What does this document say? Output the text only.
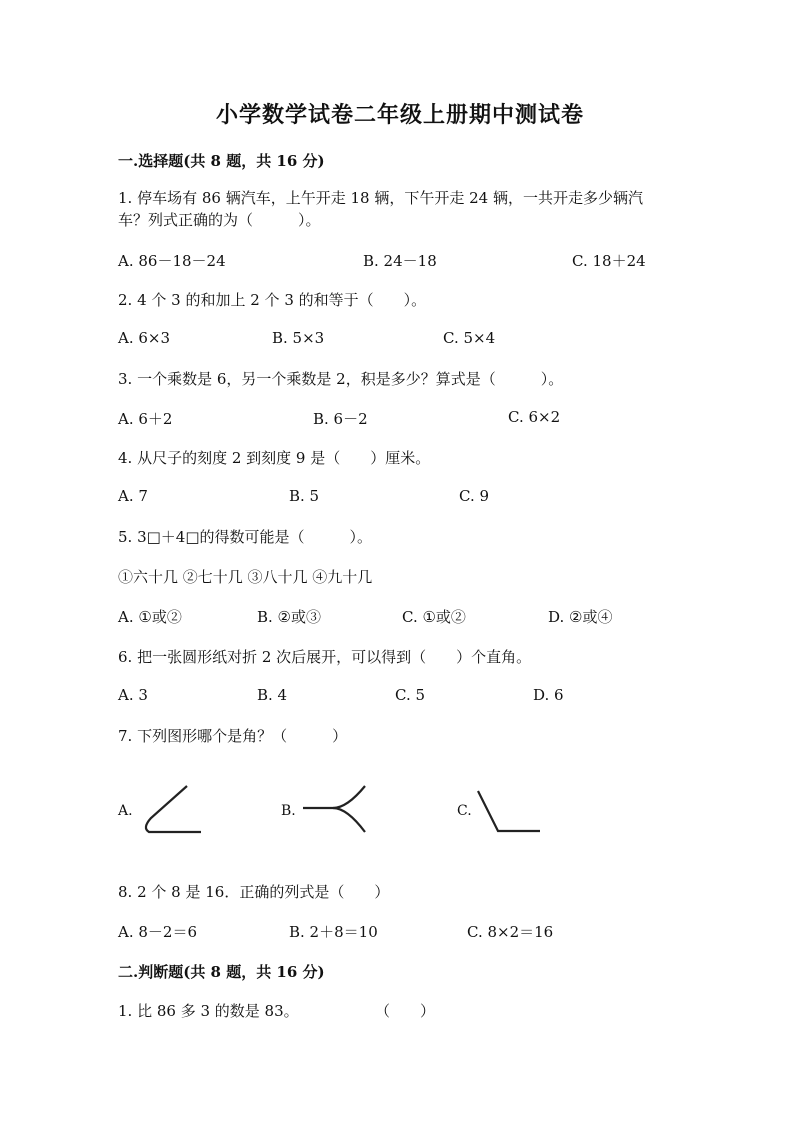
小学数学试卷二年级上册期中测试卷
一.选择题(共 8 题，共 16 分)
1. 停车场有 86 辆汽车，上午开走 18 辆，下午开走 24 辆，一共开走多少辆汽
车？列式正确的为（　　　）。
A. 86－18－24	B. 24－18	C. 18＋24
2. 4 个 3 的和加上 2 个 3 的和等于（　　）。
A. 6×3	B. 5×3	C. 5×4
3. 一个乘数是 6，另一个乘数是 2，积是多少？算式是（　　　）。
A. 6＋2	B. 6－2	C. 6×2
4. 从尺子的刻度 2 到刻度 9 是（　　）厘米。
A. 7	B. 5	C. 9
5. 3□＋4□的得数可能是（　　　）。
①六十几 ②七十几 ③八十几 ④九十几
A. ①或②	B. ②或③	C. ①或②	D. ②或④
6. 把一张圆形纸对折 2 次后展开，可以得到（　　）个直角。
A. 3	B. 4	C. 5	D. 6
7. 下列图形哪个是角？（　　　）
A.	B.	C.
8. 2 个 8 是 16．正确的列式是（　　）
A. 8－2＝6	B. 2＋8＝10	C. 8×2＝16
二.判断题(共 8 题，共 16 分)
1. 比 86 多 3 的数是 83。	（　　）
